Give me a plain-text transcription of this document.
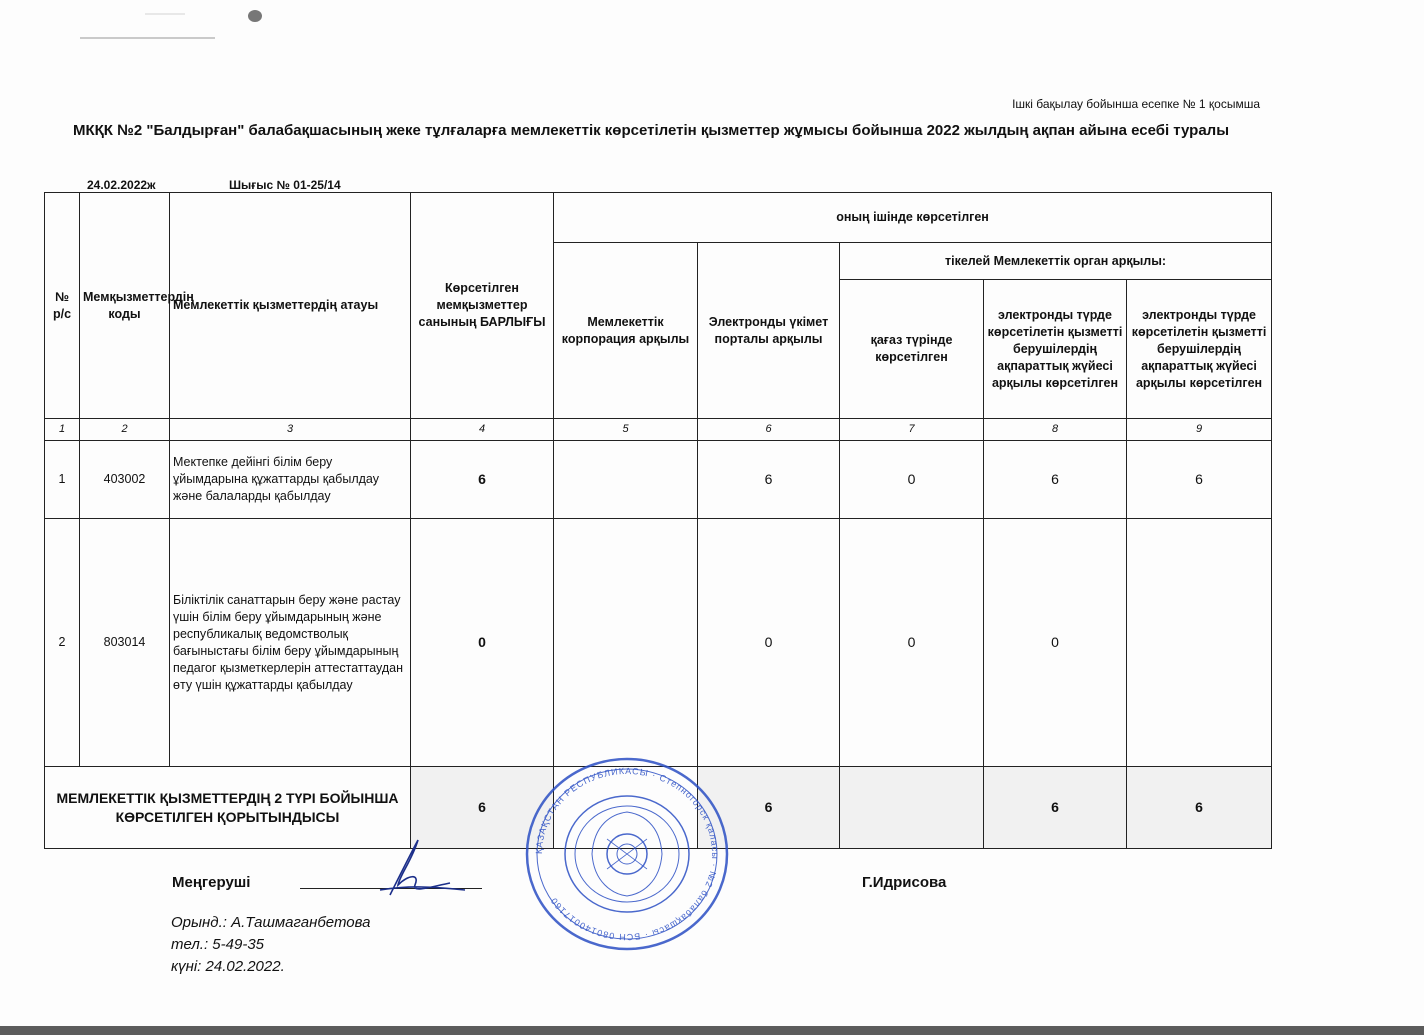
Ішкі бақылау бойынша есепке № 1 қосымша
МКҚК №2 "Балдырған" балабақшасының жеке тұлғаларға мемлекеттік көрсетілетін қызметтер жұмысы бойынша 2022 жылдың ақпан айына есебі туралы
24.02.2022ж	Шығыс № 01-25/14
№ р/с	Мемқызметтердің коды	Мемлекеттік қызметтердің атауы	Көрсетілген мемқызметтер санының БАРЛЫҒЫ	оның ішінде көрсетілген				
				Мемлекеттік корпорация арқылы	Электронды үкімет порталы арқылы	тікелей Мемлекеттік орган арқылы:		
						қағаз түрінде көрсетілген	электронды түрде көрсетілетін қызметті берушілердің ақпараттық жүйесі арқылы көрсетілген	электронды түрде көрсетілетін қызметті берушілердің ақпараттық жүйесі арқылы көрсетілген
1	2	3	4	5	6	7	8	9
1	403002	Мектепке дейінгі білім беру ұйымдарына құжаттарды қабылдау және балаларды қабылдау	6		6	0	6	6
2	803014	Біліктілік санаттарын беру және растау үшін білім беру ұйымдарының және республикалық ведомстволық бағыныстағы білім беру ұйымдарының педагог қызметкерлерін аттестаттаудан өту үшін құжаттарды қабылдау	0		0	0	0	
МЕМЛЕКЕТТІК ҚЫЗМЕТТЕРДІҢ 2 ТҮРІ БОЙЫНША КӨРСЕТІЛГЕН ҚОРЫТЫНДЫСЫ			6		6		6	6
Меңгеруші	Г.Идрисова
Орынд.: А.Ташмаганбетова
тел.: 5-49-35
күні: 24.02.2022.
ҚАЗАҚСТАН РЕСПУБЛИКАСЫ · Степногорск қаласы · №2 балабақшасы · БСН 080140017160
